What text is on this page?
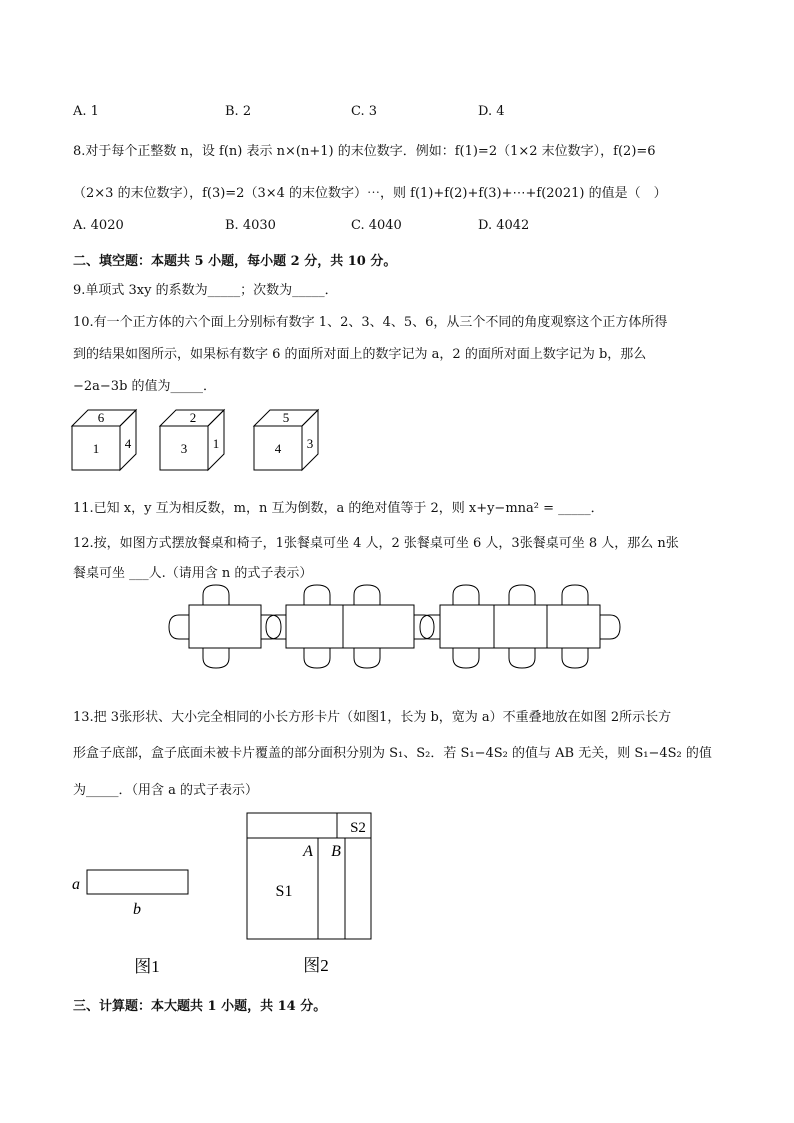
A. 1	B. 2	C. 3	D. 4
8.对于每个正整数 n，设 f(n) 表示 n×(n+1) 的末位数字．例如：f(1)=2（1×2 末位数字），f(2)=6
（2×3 的末位数字），f(3)=2（3×4 的末位数字）⋯，则 f(1)+f(2)+f(3)+⋯+f(2021) 的值是（　）
A. 4020	B. 4030	C. 4040	D. 4042
二、填空题：本题共 5 小题，每小题 2 分，共 10 分。
9.单项式 3xy 的系数为_____；次数为_____．
10.有一个正方体的六个面上分别标有数字 1、2、3、4、5、6，从三个不同的角度观察这个正方体所得
到的结果如图所示，如果标有数字 6 的面所对面上的数字记为 a，2 的面所对面上数字记为 b，那么
−2a−3b 的值为_____．
6
1 4
2
3 1
5
4 3
11.已知 x，y 互为相反数，m，n 互为倒数，a 的绝对值等于 2，则 x+y−mna² = _____．
12.按，如图方式摆放餐桌和椅子，1张餐桌可坐 4 人，2 张餐桌可坐 6 人，3张餐桌可坐 8 人，那么 n张
餐桌可坐 ___人.（请用含 n 的式子表示）
13.把 3张形状、大小完全相同的小长方形卡片（如图1，长为 b，宽为 a）不重叠地放在如图 2所示长方
形盒子底部，盒子底面未被卡片覆盖的部分面积分别为 S₁、S₂．若 S₁−4S₂ 的值与 AB 无关，则 S₁−4S₂ 的值
为_____．（用含 a 的式子表示）
a
b
图1
S2
A B
S1
图2
三、计算题：本大题共 1 小题，共 14 分。
